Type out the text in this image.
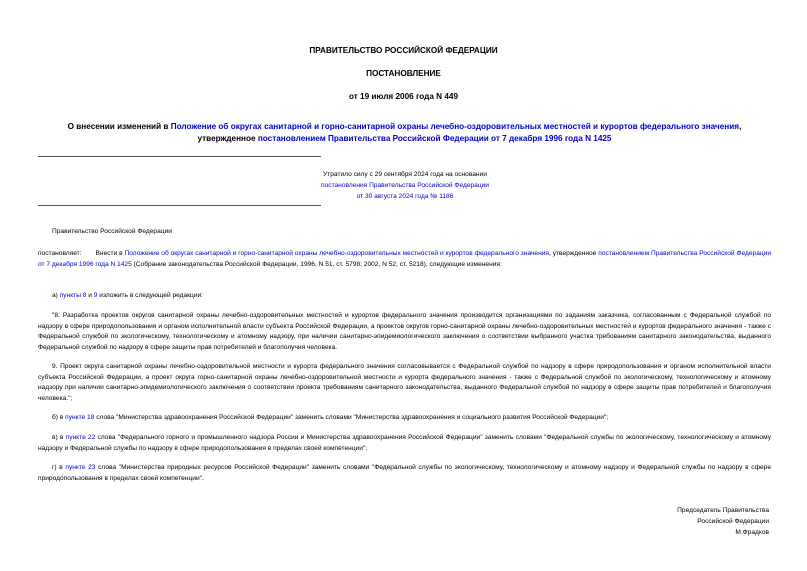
ПРАВИТЕЛЬСТВО РОССИЙСКОЙ ФЕДЕРАЦИИ
ПОСТАНОВЛЕНИЕ
от 19 июля 2006 года N 449
О внесении изменений в Положение об округах санитарной и горно-санитарной охраны лечебно-оздоровительных местностей и курортов федерального значения, утвержденное постановлением Правительства Российской Федерации от 7 декабря 1996 года N 1425
Утратило силу с 29 сентября 2024 года на основании
постановления Правительства Российской Федерации
от 30 августа 2024 года № 1186
Правительство Российской Федерации
постановляет: Внести в Положение об округах санитарной и горно-санитарной охраны лечебно-оздоровительных местностей и курортов федерального значения, утвержденное постановлением Правительства Российской Федерации от 7 декабря 1996 года N 1425 (Собрание законодательства Российской Федерации, 1996, N 51, ст. 5798; 2002, N 52, ст. 5218), следующие изменения:
а) пункты 8 и 9 изложить в следующей редакции:
"8. Разработка проектов округов санитарной охраны лечебно-оздоровительных местностей и курортов федерального значения производится организациями по заданиям заказчика, согласованным с Федеральной службой по надзору в сфере природопользования и органом исполнительной власти субъекта Российской Федерации, а проектов округов горно-санитарной охраны лечебно-оздоровительных местностей и курортов федерального значения - также с Федеральной службой по экологическому, технологическому и атомному надзору, при наличии санитарно-эпидемиологического заключения о соответствии выбранного участка требованиям санитарного законодательства, выданного Федеральной службой по надзору в сфере защиты прав потребителей и благополучия человека.
9. Проект округа санитарной охраны лечебно-оздоровительной местности и курорта федерального значения согласовывается с Федеральной службой по надзору в сфере природопользования и органом исполнительной власти субъекта Российской Федерации, а проект округа горно-санитарной охраны лечебно-оздоровительной местности и курорта федерального значения - также с Федеральной службой по экологическому, технологическому и атомному надзору при наличии санитарно-эпидемиологического заключения о соответствии проекта требованиям санитарного законодательства, выданного Федеральной службой по надзору в сфере защиты прав потребителей и благополучия человека.";
б) в пункте 18 слова "Министерства здравоохранения Российской Федерации" заменить словами "Министерства здравоохранения и социального развития Российской Федерации";
в) в пункте 22 слова "Федерального горного и промышленного надзора России и Министерства здравоохранения Российской Федерации" заменить словами "Федеральной службы по экологическому, технологическому и атомному надзору и Федеральной службы по надзору в сфере природопользования в пределах своей компетенции";
г) в пункте 23 слова "Министерства природных ресурсов Российской Федерации" заменить словами "Федеральной службы по экологическому, технологическому и атомному надзору и Федеральной службы по надзору в сфере природопользования в пределах своей компетенции".
Председатель Правительства
Российской Федерации
М.Фрадков
